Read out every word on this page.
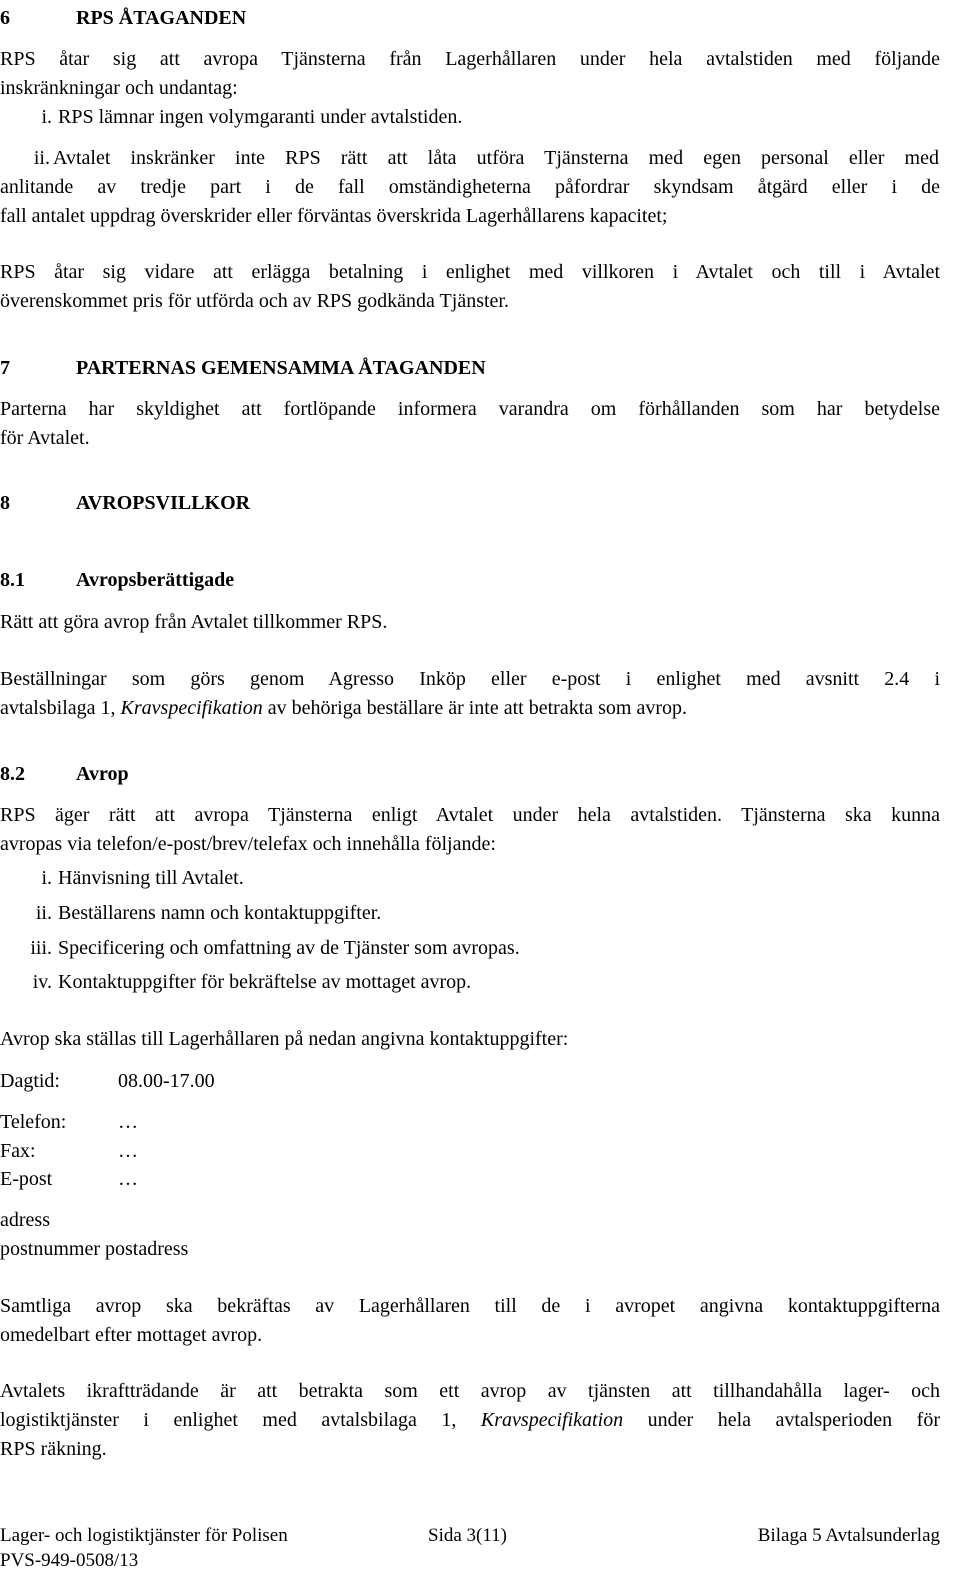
6	RPS ÅTAGANDEN
RPS åtar sig att avropa Tjänsterna från Lagerhållaren under hela avtalstiden med följande
inskränkningar och undantag:
i. RPS lämnar ingen volymgaranti under avtalstiden.
ii. Avtalet inskränker inte RPS rätt att låta utföra Tjänsterna med egen personal eller med
anlitande av tredje part i de fall omständigheterna påfordrar skyndsam åtgärd eller i de
fall antalet uppdrag överskrider eller förväntas överskrida Lagerhållarens kapacitet;
RPS åtar sig vidare att erlägga betalning i enlighet med villkoren i Avtalet och till i Avtalet
överenskommet pris för utförda och av RPS godkända Tjänster.
7	PARTERNAS GEMENSAMMA ÅTAGANDEN
Parterna har skyldighet att fortlöpande informera varandra om förhållanden som har betydelse
för Avtalet.
8	AVROPSVILLKOR
8.1	Avropsberättigade
Rätt att göra avrop från Avtalet tillkommer RPS.
Beställningar som görs genom Agresso Inköp eller e-post i enlighet med avsnitt 2.4 i
avtalsbilaga 1, Kravspecifikation av behöriga beställare är inte att betrakta som avrop.
8.2	Avrop
RPS äger rätt att avropa Tjänsterna enligt Avtalet under hela avtalstiden. Tjänsterna ska kunna
avropas via telefon/e-post/brev/telefax och innehålla följande:
i. Hänvisning till Avtalet.
ii. Beställarens namn och kontaktuppgifter.
iii. Specificering och omfattning av de Tjänster som avropas.
iv. Kontaktuppgifter för bekräftelse av mottaget avrop.
Avrop ska ställas till Lagerhållaren på nedan angivna kontaktuppgifter:
Dagtid:	08.00-17.00
Telefon:	…
Fax:	…
E-post	…
adress
postnummer postadress
Samtliga avrop ska bekräftas av Lagerhållaren till de i avropet angivna kontaktuppgifterna
omedelbart efter mottaget avrop.
Avtalets ikraftträdande är att betrakta som ett avrop av tjänsten att tillhandahålla lager- och
logistiktjänster i enlighet med avtalsbilaga 1, Kravspecifikation under hela avtalsperioden för
RPS räkning.
Lager- och logistiktjänster för Polisen	Sida 3(11)	Bilaga 5 Avtalsunderlag
PVS-949-0508/13
